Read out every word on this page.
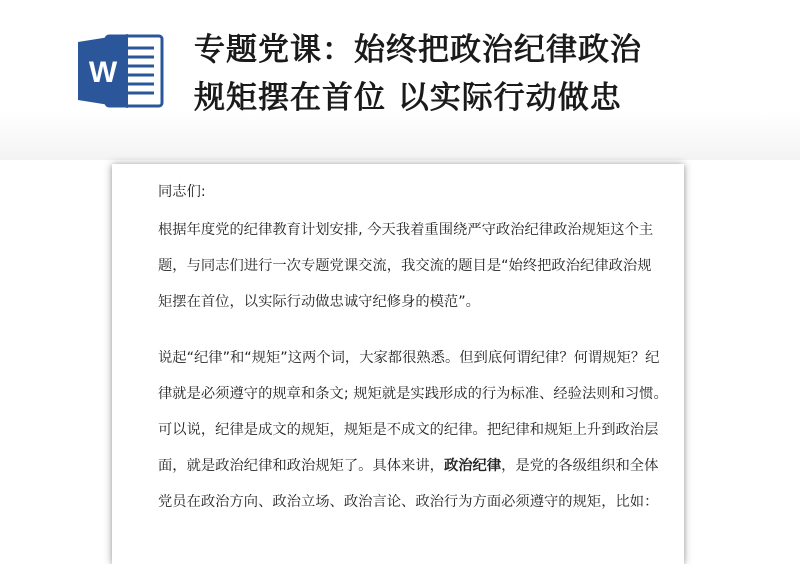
W
专题党课：始终把政治纪律政治
规矩摆在首位 以实际行动做忠
同志们:
根据年度党的纪律教育计划安排, 今天我着重围绕严守政治纪律政治规矩这个主
题，与同志们进行一次专题党课交流，我交流的题目是“始终把政治纪律政治规
矩摆在首位，以实际行动做忠诚守纪修身的模范”。
说起“纪律”和“规矩”这两个词，大家都很熟悉。但到底何谓纪律？何谓规矩？纪
律就是必须遵守的规章和条文; 规矩就是实践形成的行为标准、经验法则和习惯。
可以说，纪律是成文的规矩，规矩是不成文的纪律。把纪律和规矩上升到政治层
面，就是政治纪律和政治规矩了。具体来讲，政治纪律，是党的各级组织和全体
党员在政治方向、政治立场、政治言论、政治行为方面必须遵守的规矩，比如：
